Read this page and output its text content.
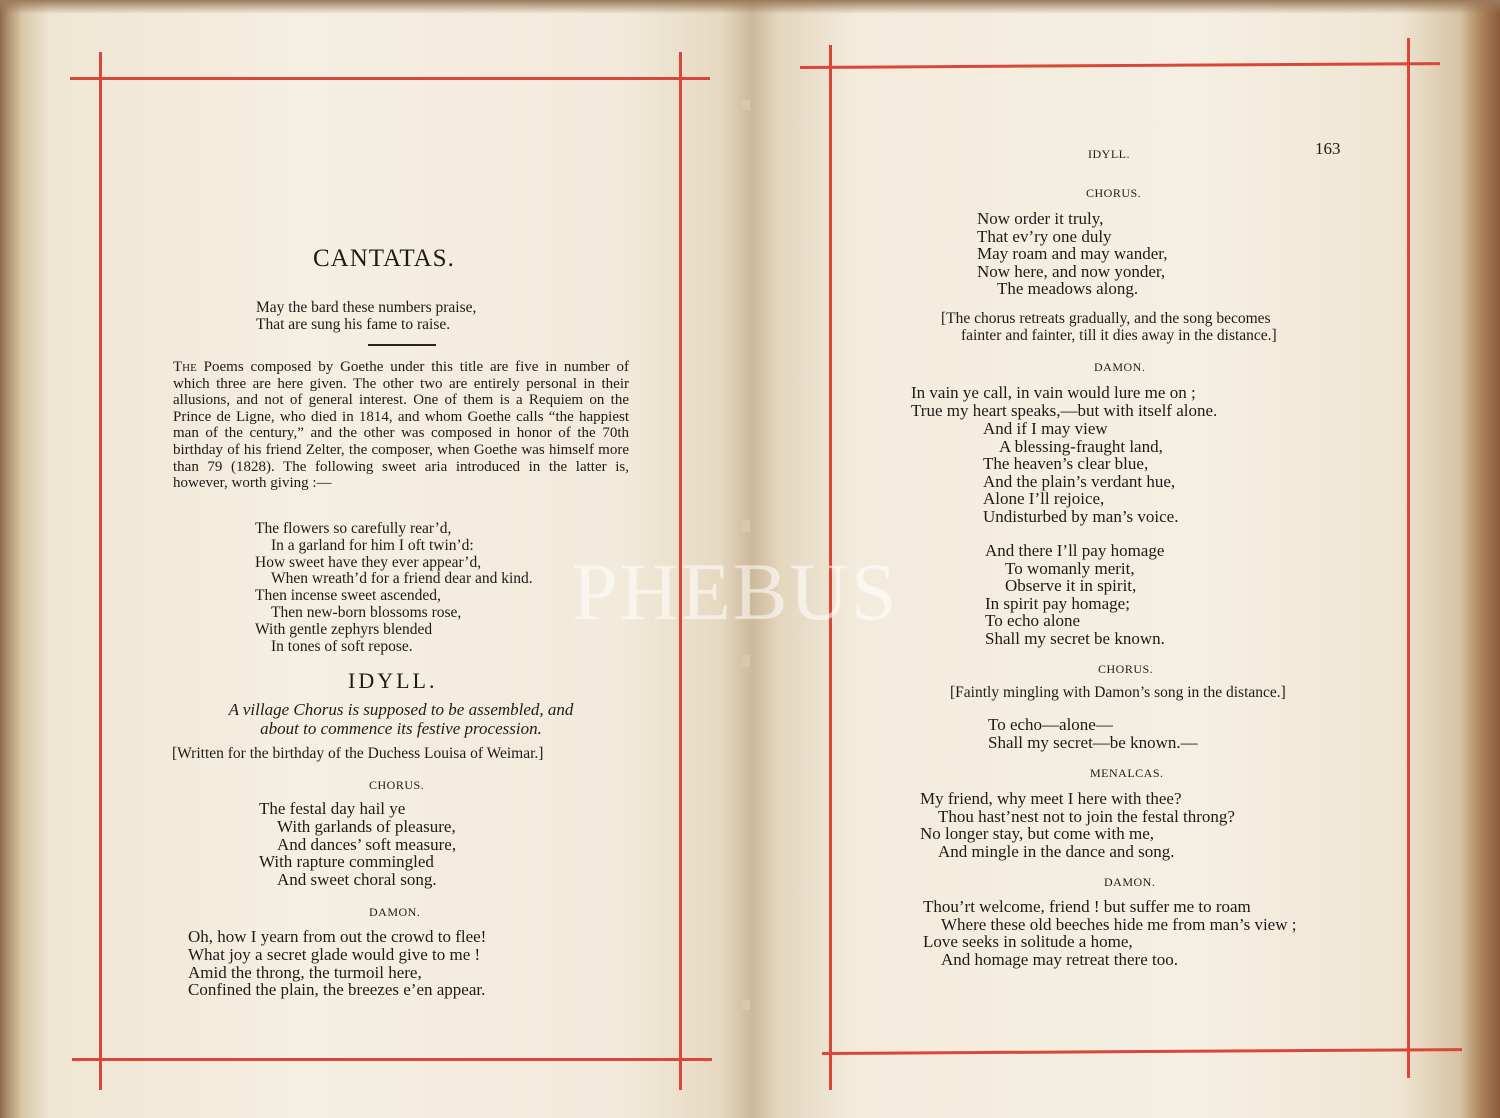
CANTATAS.
May the bard these numbers praise,
That are sung his fame to raise.
The Poems composed by Goethe under this title are five in number of which three are here given. The other two are entirely personal in their allusions, and not of general interest. One of them is a Requiem on the Prince de Ligne, who died in 1814, and whom Goethe calls “the happiest man of the century,” and the other was composed in honor of the 70th birthday of his friend Zelter, the composer, when Goethe was himself more than 79 (1828). The following sweet aria introduced in the latter is, however, worth giving :—
The flowers so carefully rear’d,
In a garland for him I oft twin’d:
How sweet have they ever appear’d,
When wreath’d for a friend dear and kind.
Then incense sweet ascended,
Then new-born blossoms rose,
With gentle zephyrs blended
In tones of soft repose.
IDYLL.
A village Chorus is supposed to be assembled, and
about to commence its festive procession.
[Written for the birthday of the Duchess Louisa of Weimar.]
CHORUS.
The festal day hail ye
With garlands of pleasure,
And dances’ soft measure,
With rapture commingled
And sweet choral song.
DAMON.
Oh, how I yearn from out the crowd to flee!
What joy a secret glade would give to me !
Amid the throng, the turmoil here,
Confined the plain, the breezes e’en appear.
IDYLL.	163
CHORUS.
Now order it truly,
That ev’ry one duly
May roam and may wander,
Now here, and now yonder,
The meadows along.
[The chorus retreats gradually, and the song becomes
fainter and fainter, till it dies away in the distance.]
DAMON.
In vain ye call, in vain would lure me on ;
True my heart speaks,—but with itself alone.
And if I may view
A blessing-fraught land,
The heaven’s clear blue,
And the plain’s verdant hue,
Alone I’ll rejoice,
Undisturbed by man’s voice.
And there I’ll pay homage
To womanly merit,
Observe it in spirit,
In spirit pay homage;
To echo alone
Shall my secret be known.
CHORUS.
[Faintly mingling with Damon’s song in the distance.]
To echo—alone—
Shall my secret—be known.—
MENALCAS.
My friend, why meet I here with thee?
Thou hast’nest not to join the festal throng?
No longer stay, but come with me,
And mingle in the dance and song.
DAMON.
Thou’rt welcome, friend ! but suffer me to roam
Where these old beeches hide me from man’s view ;
Love seeks in solitude a home,
And homage may retreat there too.
PHEBUS
